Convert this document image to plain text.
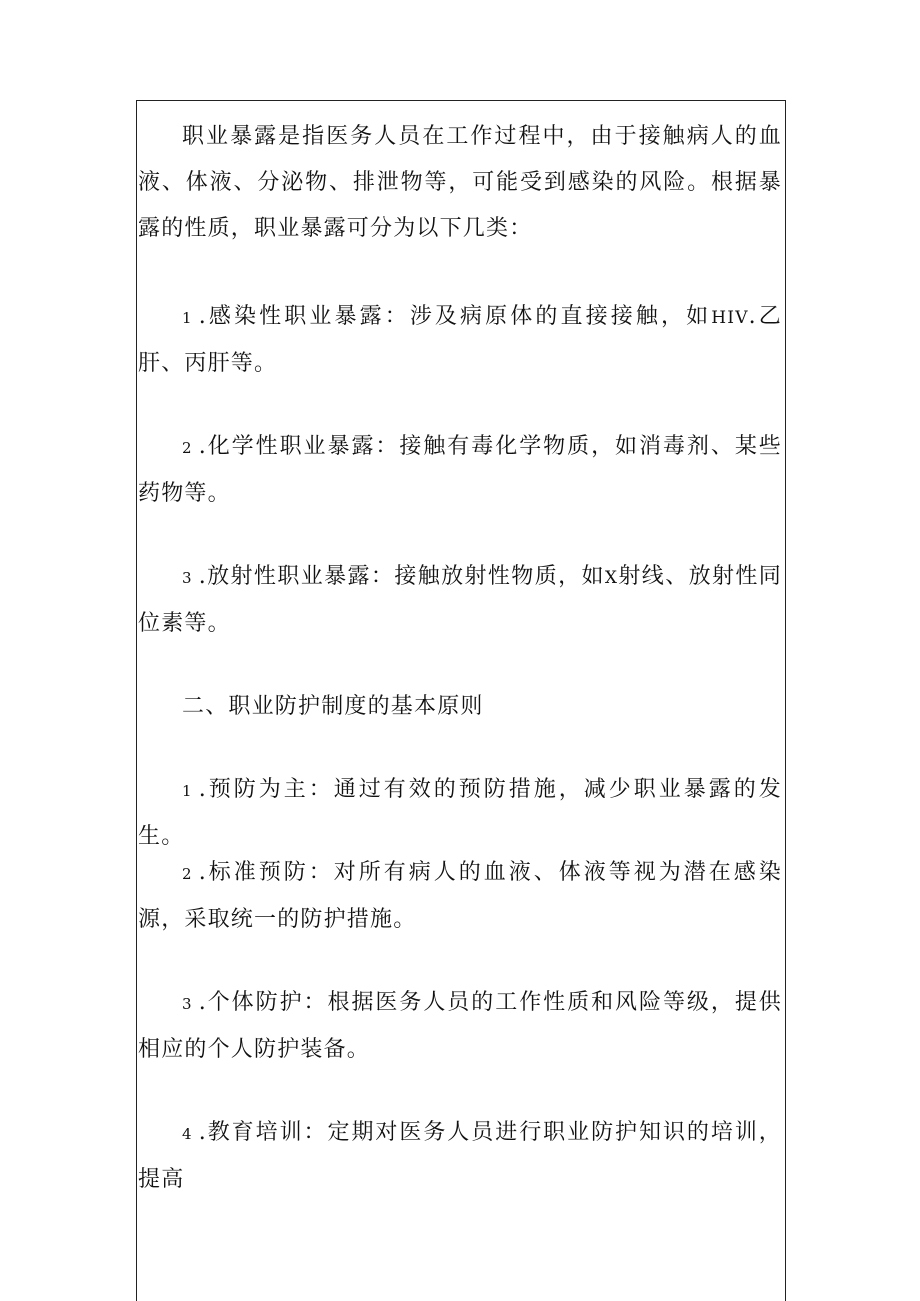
职业暴露是指医务人员在工作过程中，由于接触病人的血液、体液、分泌物、排泄物等，可能受到感染的风险。根据暴露的性质，职业暴露可分为以下几类：

1 .感染性职业暴露：涉及病原体的直接接触，如HIV.乙肝、丙肝等。

2 .化学性职业暴露：接触有毒化学物质，如消毒剂、某些药物等。

3 .放射性职业暴露：接触放射性物质，如X射线、放射性同位素等。

二、职业防护制度的基本原则

1 .预防为主：通过有效的预防措施，减少职业暴露的发生。

2 .标准预防：对所有病人的血液、体液等视为潜在感染源，采取统一的防护措施。

3 .个体防护：根据医务人员的工作性质和风险等级，提供相应的个人防护装备。

4 .教育培训：定期对医务人员进行职业防护知识的培训，提高
